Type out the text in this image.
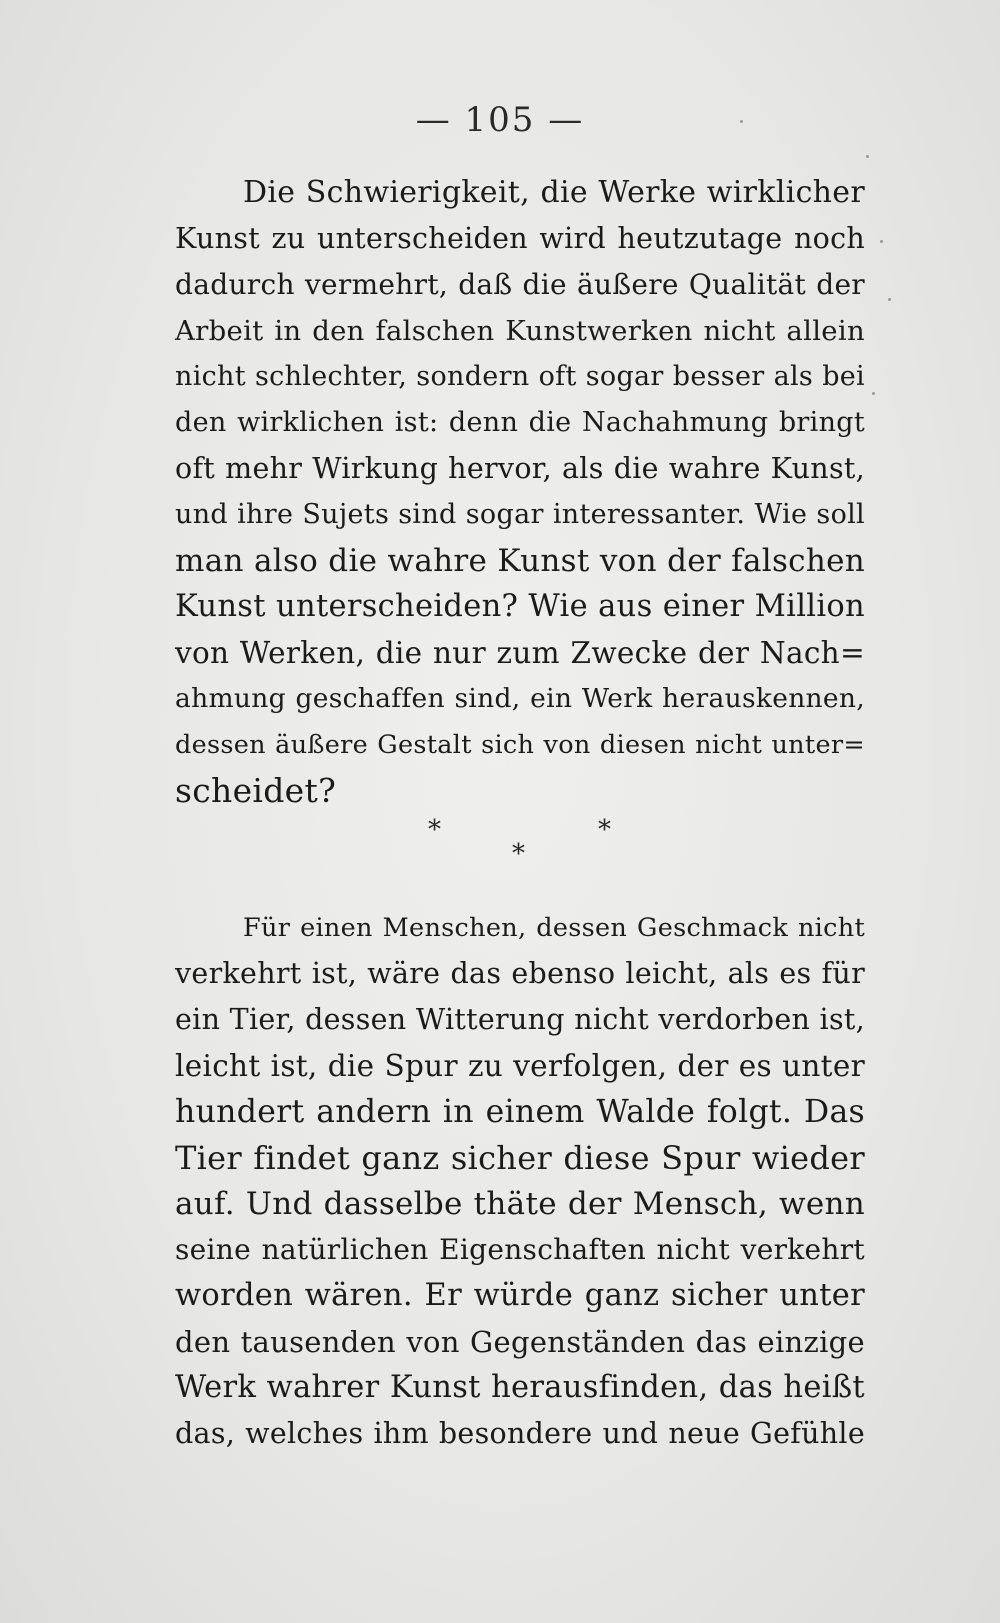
— 105 —
Die Schwierigkeit, die Werke wirklicher
Kunst zu unterscheiden wird heutzutage noch
dadurch vermehrt, daß die äußere Qualität der
Arbeit in den falschen Kunstwerken nicht allein
nicht schlechter, sondern oft sogar besser als bei
den wirklichen ist: denn die Nachahmung bringt
oft mehr Wirkung hervor, als die wahre Kunst,
und ihre Sujets sind sogar interessanter. Wie soll
man also die wahre Kunst von der falschen
Kunst unterscheiden? Wie aus einer Million
von Werken, die nur zum Zwecke der Nach=
ahmung geschaffen sind, ein Werk herauskennen,
dessen äußere Gestalt sich von diesen nicht unter=
scheidet?
*	*
*
Für einen Menschen, dessen Geschmack nicht
verkehrt ist, wäre das ebenso leicht, als es für
ein Tier, dessen Witterung nicht verdorben ist,
leicht ist, die Spur zu verfolgen, der es unter
hundert andern in einem Walde folgt. Das
Tier findet ganz sicher diese Spur wieder
auf. Und dasselbe thäte der Mensch, wenn
seine natürlichen Eigenschaften nicht verkehrt
worden wären. Er würde ganz sicher unter
den tausenden von Gegenständen das einzige
Werk wahrer Kunst herausfinden, das heißt
das, welches ihm besondere und neue Gefühle
